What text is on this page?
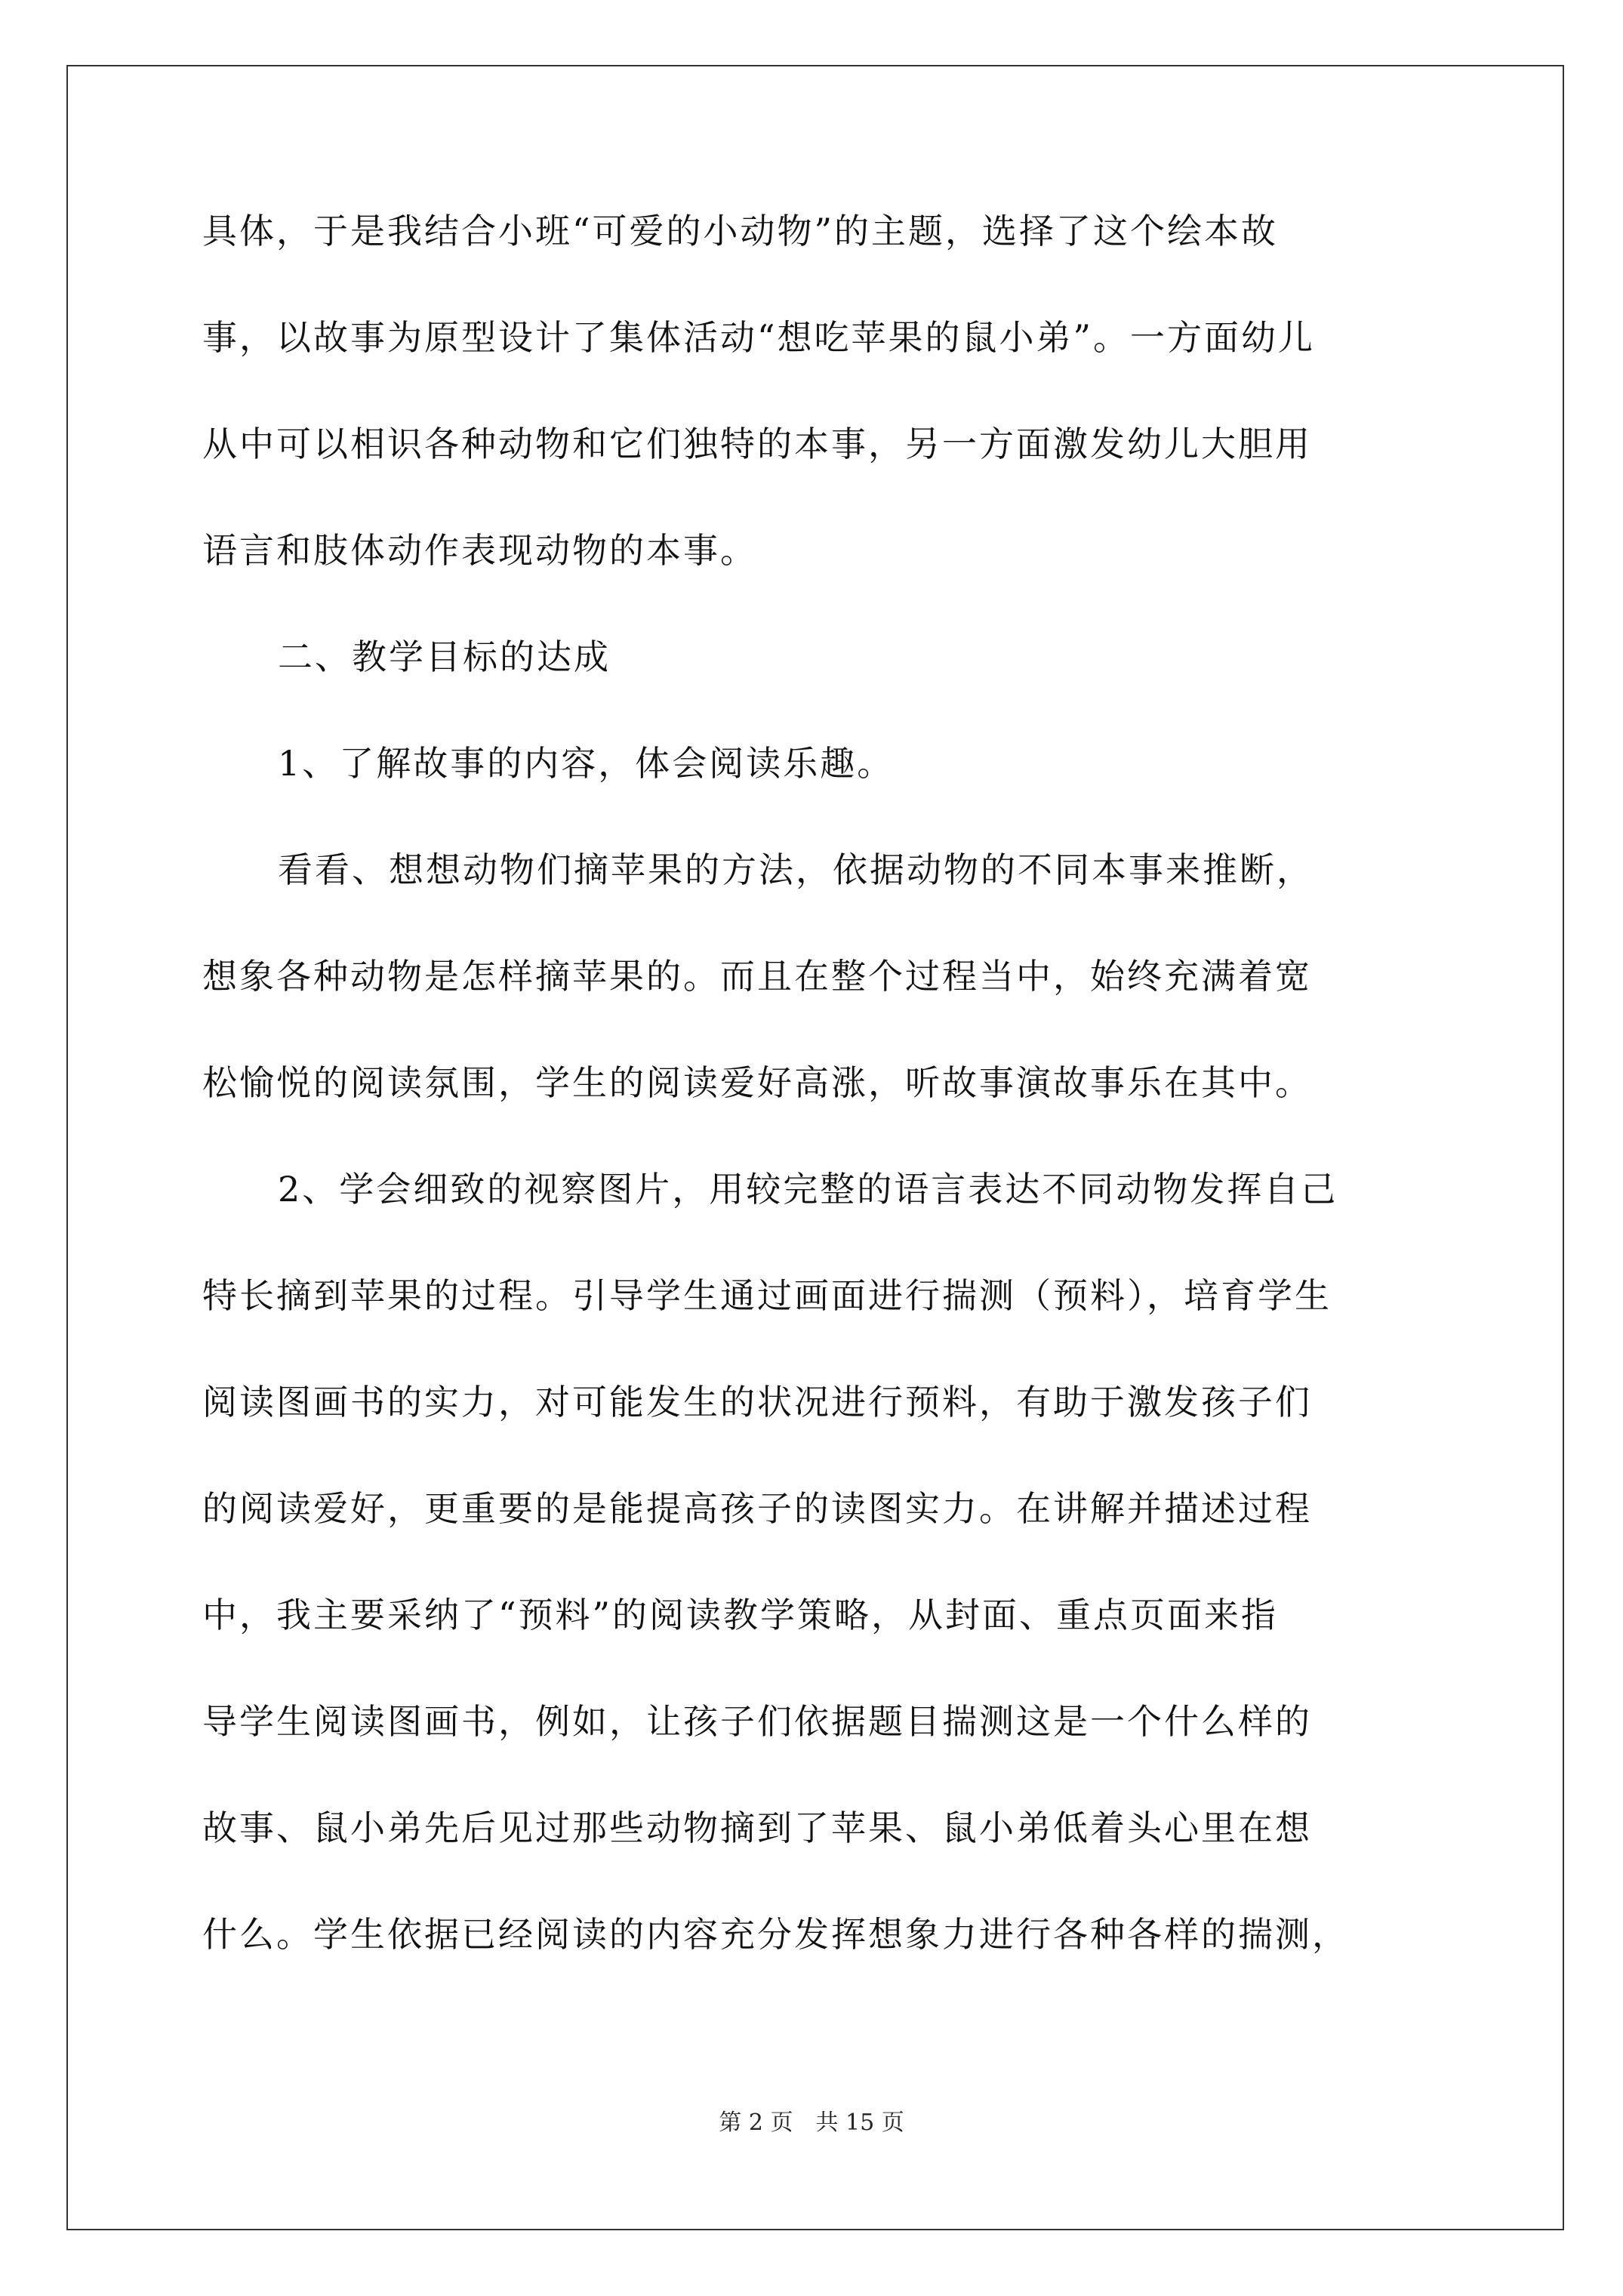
具体，于是我结合小班“可爱的小动物”的主题，选择了这个绘本故
事，以故事为原型设计了集体活动“想吃苹果的鼠小弟”。一方面幼儿
从中可以相识各种动物和它们独特的本事，另一方面激发幼儿大胆用
语言和肢体动作表现动物的本事。
二、教学目标的达成
1、了解故事的内容，体会阅读乐趣。
看看、想想动物们摘苹果的方法，依据动物的不同本事来推断，
想象各种动物是怎样摘苹果的。而且在整个过程当中，始终充满着宽
松愉悦的阅读氛围，学生的阅读爱好高涨，听故事演故事乐在其中。
2、学会细致的视察图片，用较完整的语言表达不同动物发挥自己
特长摘到苹果的过程。引导学生通过画面进行揣测（预料），培育学生
阅读图画书的实力，对可能发生的状况进行预料，有助于激发孩子们
的阅读爱好，更重要的是能提高孩子的读图实力。在讲解并描述过程
中，我主要采纳了“预料”的阅读教学策略，从封面、重点页面来指
导学生阅读图画书，例如，让孩子们依据题目揣测这是一个什么样的
故事、鼠小弟先后见过那些动物摘到了苹果、鼠小弟低着头心里在想
什么。学生依据已经阅读的内容充分发挥想象力进行各种各样的揣测，
第 2 页　共 15 页
